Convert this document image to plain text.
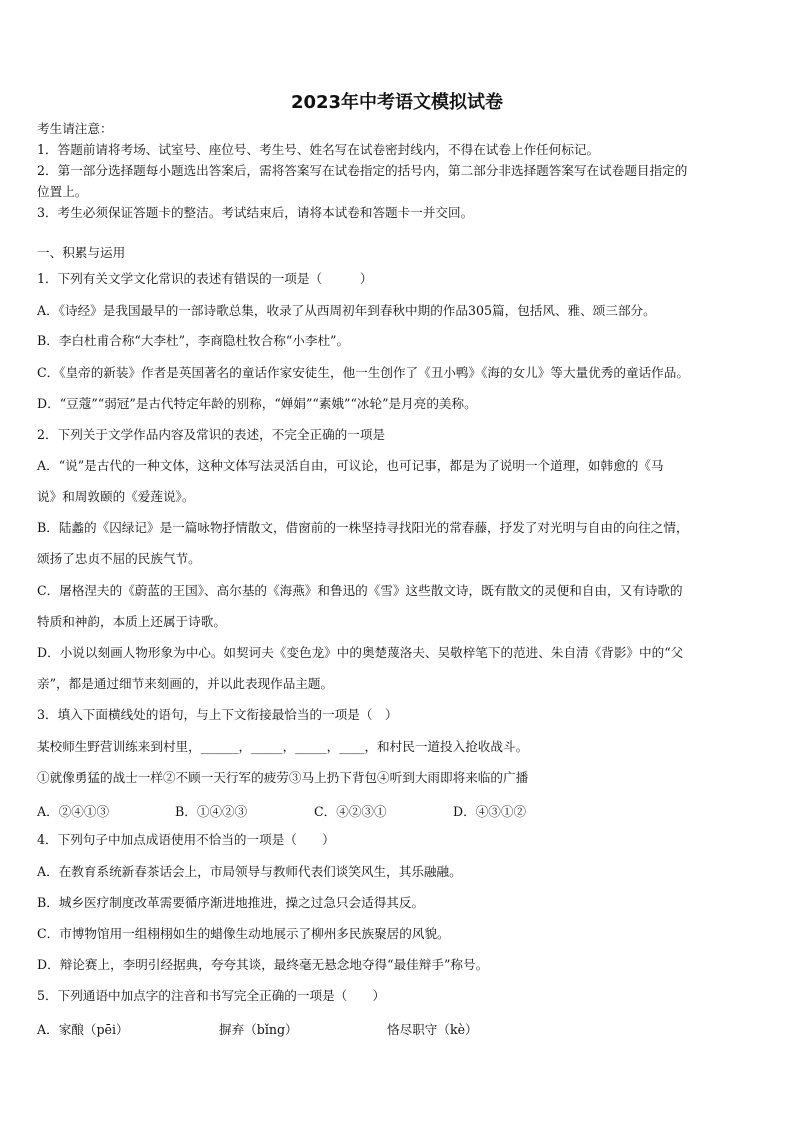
2023年中考语文模拟试卷
考生请注意：
1．答题前请将考场、试室号、座位号、考生号、姓名写在试卷密封线内，不得在试卷上作任何标记。
2．第一部分选择题每小题选出答案后，需将答案写在试卷指定的括号内，第二部分非选择题答案写在试卷题目指定的
位置上。
3．考生必须保证答题卡的整洁。考试结束后，请将本试卷和答题卡一并交回。
一、积累与运用
1．下列有关文学文化常识的表述有错误的一项是（　　　）
A．《诗经》是我国最早的一部诗歌总集，收录了从西周初年到春秋中期的作品305篇，包括风、雅、颂三部分。
B．李白杜甫合称“大李杜”，李商隐杜牧合称“小李杜”。
C．《皇帝的新装》作者是英国著名的童话作家安徒生，他一生创作了《丑小鸭》《海的女儿》等大量优秀的童话作品。
D．“豆蔻”“弱冠”是古代特定年龄的别称，“婵娟”“素娥”“冰轮”是月亮的美称。
2．下列关于文学作品内容及常识的表述，不完全正确的一项是
A．“说”是古代的一种文体，这种文体写法灵活自由，可议论，也可记事，都是为了说明一个道理，如韩愈的《马
说》和周敦颐的《爱莲说》。
B．陆蠡的《囚绿记》是一篇咏物抒情散文，借窗前的一株坚持寻找阳光的常春藤，抒发了对光明与自由的向往之情，
颂扬了忠贞不屈的民族气节。
C．屠格涅夫的《蔚蓝的王国》、高尔基的《海燕》和鲁迅的《雪》这些散文诗，既有散文的灵便和自由，又有诗歌的
特质和神韵，本质上还属于诗歌。
D．小说以刻画人物形象为中心。如契诃夫《变色龙》中的奥楚蔑洛夫、吴敬梓笔下的范进、朱自清《背影》中的“父
亲”，都是通过细节来刻画的，并以此表现作品主题。
3．填入下面横线处的语句，与上下文衔接最恰当的一项是（　）
某校师生野营训练来到村里，______，_____，_____，____，和村民一道投入抢收战斗。
①就像勇猛的战士一样②不顾一天行军的疲劳③马上扔下背包④听到大雨即将来临的广播
A．②④①③	B．①④②③	C．④②③①	D．④③①②
4．下列句子中加点成语使用不恰当的一项是（　　）
A．在教育系统新春茶话会上，市局领导与教师代表们谈笑风生，其乐融融。
B．城乡医疗制度改革需要循序渐进地推进，操之过急只会适得其反。
C．市博物馆用一组栩栩如生的蜡像生动地展示了柳州多民族聚居的风貌。
D．辩论赛上，李明引经据典，夸夸其谈，最终毫无悬念地夺得“最佳辩手”称号。
5．下列通语中加点字的注音和书写完全正确的一项是（　　）
A．家酿（pēi）	摒弃（bǐng）	恪尽职守（kè）
